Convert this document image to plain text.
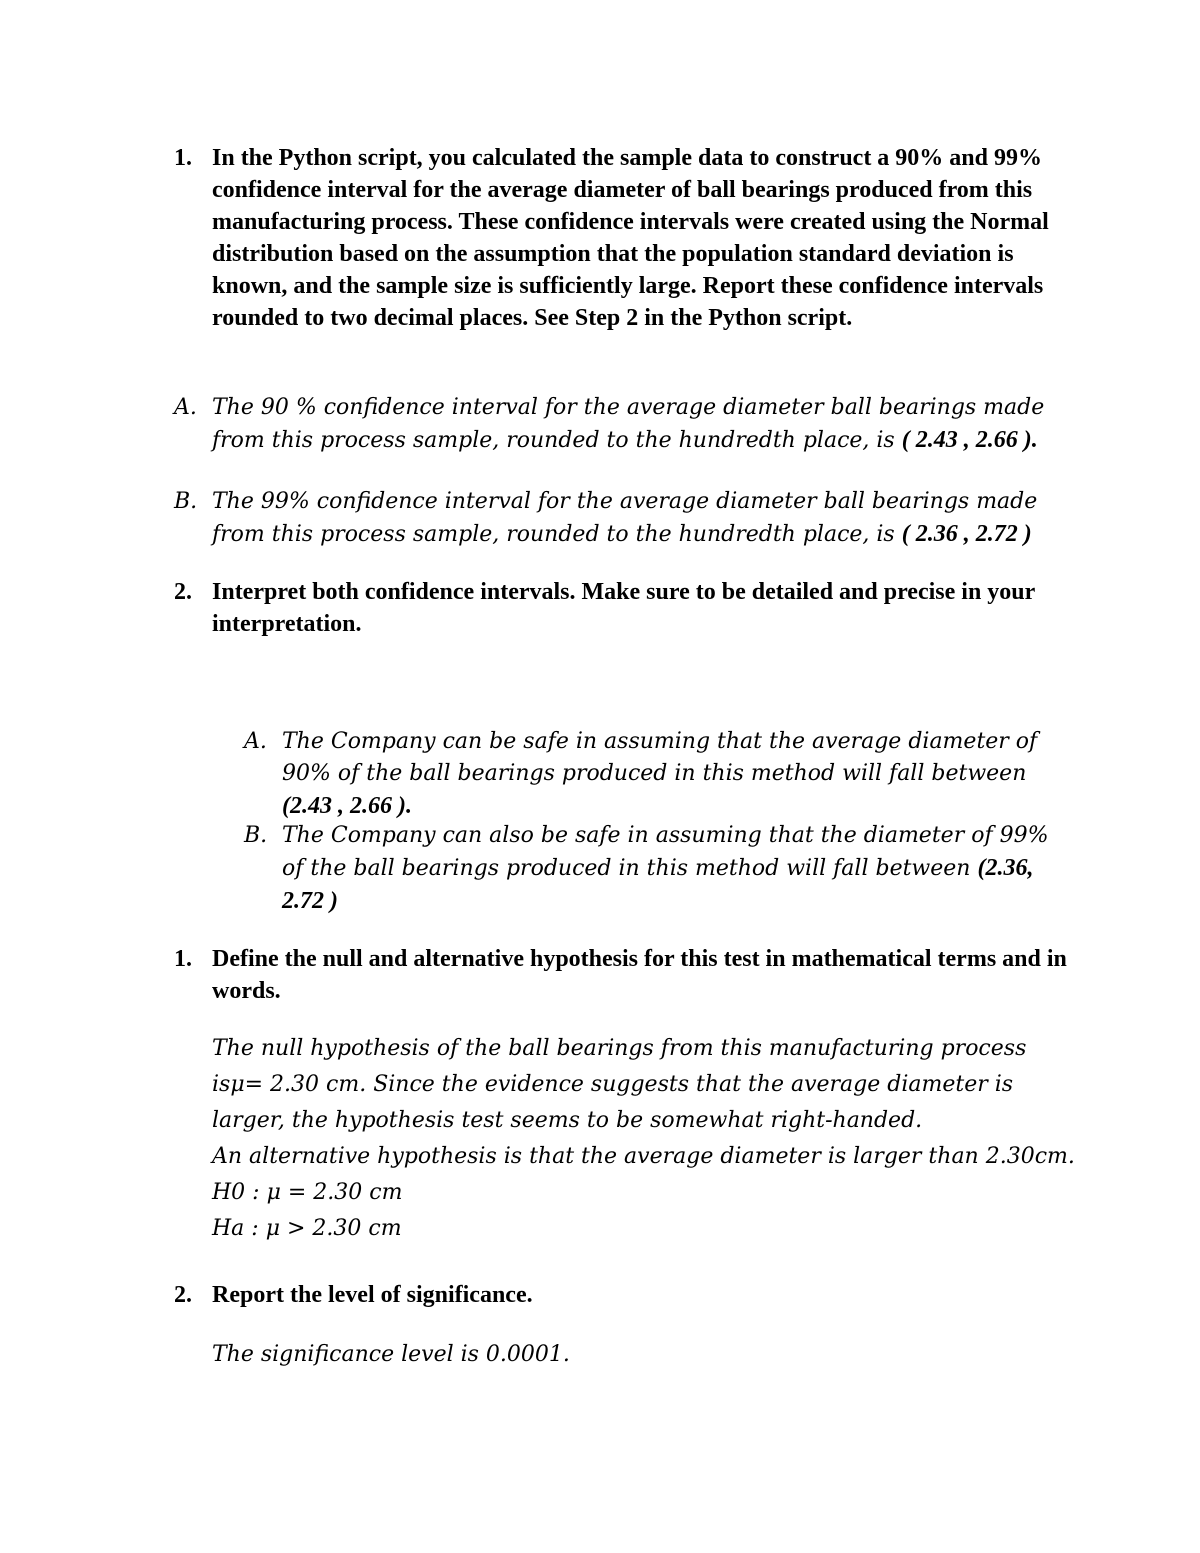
1. In the Python script, you calculated the sample data to construct a 90% and 99% confidence interval for the average diameter of ball bearings produced from this manufacturing process. These confidence intervals were created using the Normal distribution based on the assumption that the population standard deviation is known, and the sample size is sufficiently large. Report these confidence intervals rounded to two decimal places. See Step 2 in the Python script.
A. The 90 % confidence interval for the average diameter ball bearings made from this process sample, rounded to the hundredth place, is ( 2.43 , 2.66 ).
B. The 99% confidence interval for the average diameter ball bearings made from this process sample, rounded to the hundredth place, is ( 2.36 , 2.72 )
2. Interpret both confidence intervals. Make sure to be detailed and precise in your interpretation.
A. The Company can be safe in assuming that the average diameter of 90% of the ball bearings produced in this method will fall between (2.43 , 2.66 ).
B. The Company can also be safe in assuming that the diameter of 99% of the ball bearings produced in this method will fall between (2.36, 2.72 )
1. Define the null and alternative hypothesis for this test in mathematical terms and in words.
The null hypothesis of the ball bearings from this manufacturing process
isμ= 2.30 cm. Since the evidence suggests that the average diameter is
larger, the hypothesis test seems to be somewhat right-handed.
An alternative hypothesis is that the average diameter is larger than 2.30cm.
H0 : μ = 2.30 cm
Ha : μ > 2.30 cm
2. Report the level of significance.
The significance level is 0.0001.
